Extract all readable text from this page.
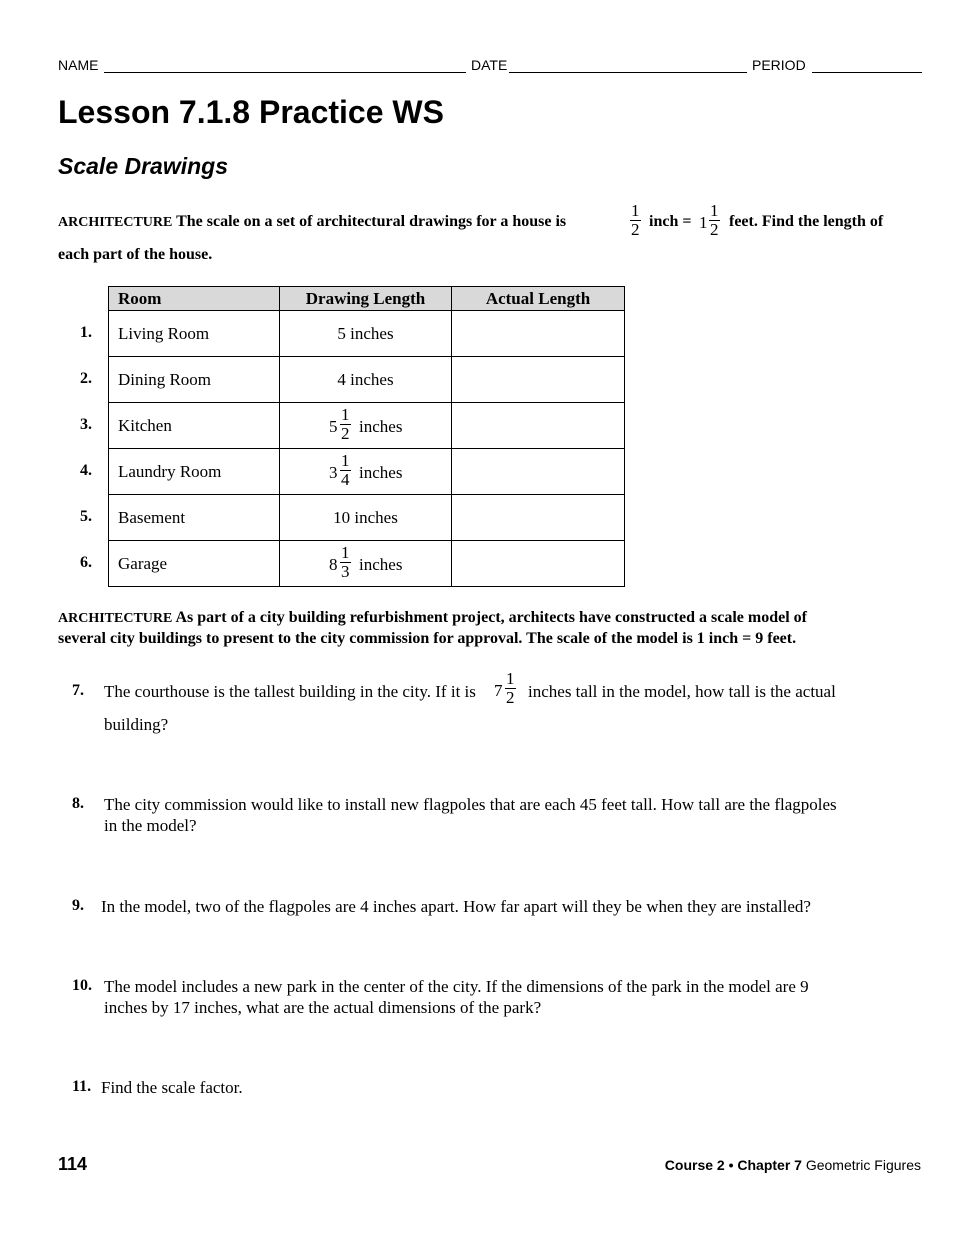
NAME	DATE	PERIOD
Lesson 7.1.8 Practice WS
Scale Drawings
ARCHITECTURE The scale on a set of architectural drawings for a house is	$\frac{1}{2}$ inch = $1 \frac{1}{2}$ feet. Find the length of
each part of the house.
1.
2.
3.
4.
5.
6.
Room	Drawing Length	Actual Length
Living Room	5 inches	
Dining Room	4 inches	
Kitchen	$5 \frac{1}{2}$ inches	

Laundry Room	$3 \frac{1}{4}$ inches	

Basement	10 inches	
Garage	$8 \frac{1}{3}$ inches	

ARCHITECTURE As part of a city building refurbishment project, architects have constructed a scale model of
several city buildings to present to the city commission for approval. The scale of the model is 1 inch = 9 feet.
7. The courthouse is the tallest building in the city. If it is $7 \frac{1}{2}$ inches tall in the model, how tall is the actual
building?
8. The city commission would like to install new flagpoles that are each 45 feet tall. How tall are the flagpoles
in the model?
9. In the model, two of the flagpoles are 4 inches apart. How far apart will they be when they are installed?
10. The model includes a new park in the center of the city. If the dimensions of the park in the model are 9
inches by 17 inches, what are the actual dimensions of the park?
11. Find the scale factor.
114	Course 2 • Chapter 7 Geometric Figures
